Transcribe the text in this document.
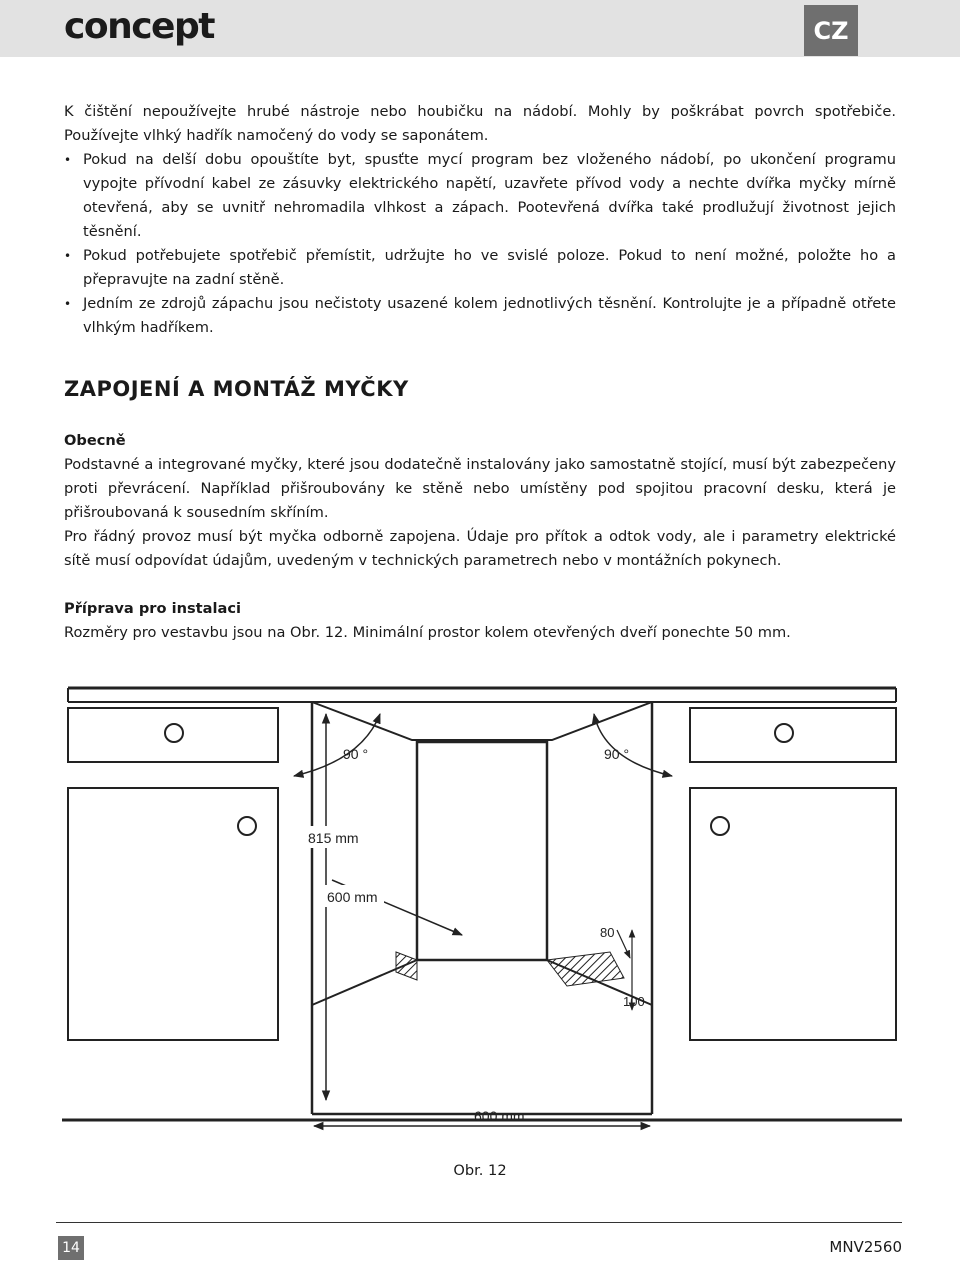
concept	CZ

K čištění nepoužívejte hrubé nástroje nebo houbičku na nádobí. Mohly by poškrábat povrch spotřebiče. Používejte vlhký hadřík namočený do vody se saponátem.

• Pokud na delší dobu opouštíte byt, spusťte mycí program bez vloženého nádobí, po ukončení programu vypojte přívodní kabel ze zásuvky elektrického napětí, uzavřete přívod vody a nechte dvířka myčky mírně otevřená, aby se uvnitř nehromadila vlhkost a zápach. Pootevřená dvířka také prodlužují životnost jejich těsnění.
• Pokud potřebujete spotřebič přemístit, udržujte ho ve svislé poloze. Pokud to není možné, položte ho a přepravujte na zadní stěně.
• Jedním ze zdrojů zápachu jsou nečistoty usazené kolem jednotlivých těsnění. Kontrolujte je a případně otřete vlhkým hadříkem.
ZAPOJENÍ A MONTÁŽ MYČKY

Obecně

Podstavné a integrované myčky, které jsou dodatečně instalovány jako samostatně stojící, musí být zabezpečeny proti převrácení. Například přišroubovány ke stěně nebo umístěny pod spojitou pracovní desku, která je přišroubovaná k sousedním skříním.

Pro řádný provoz musí být myčka odborně zapojena. Údaje pro přítok a odtok vody, ale i parametry elektrické sítě musí odpovídat údajům, uvedeným v technických parametrech nebo v montážních pokynech.

Příprava pro instalaci

Rozměry pro vestavbu jsou na Obr. 12. Minimální prostor kolem otevřených dveří ponechte 50 mm.

815 mm
600 mm
90 °	90 °
80
100
600 mm
Obr. 12
14	MNV2560
